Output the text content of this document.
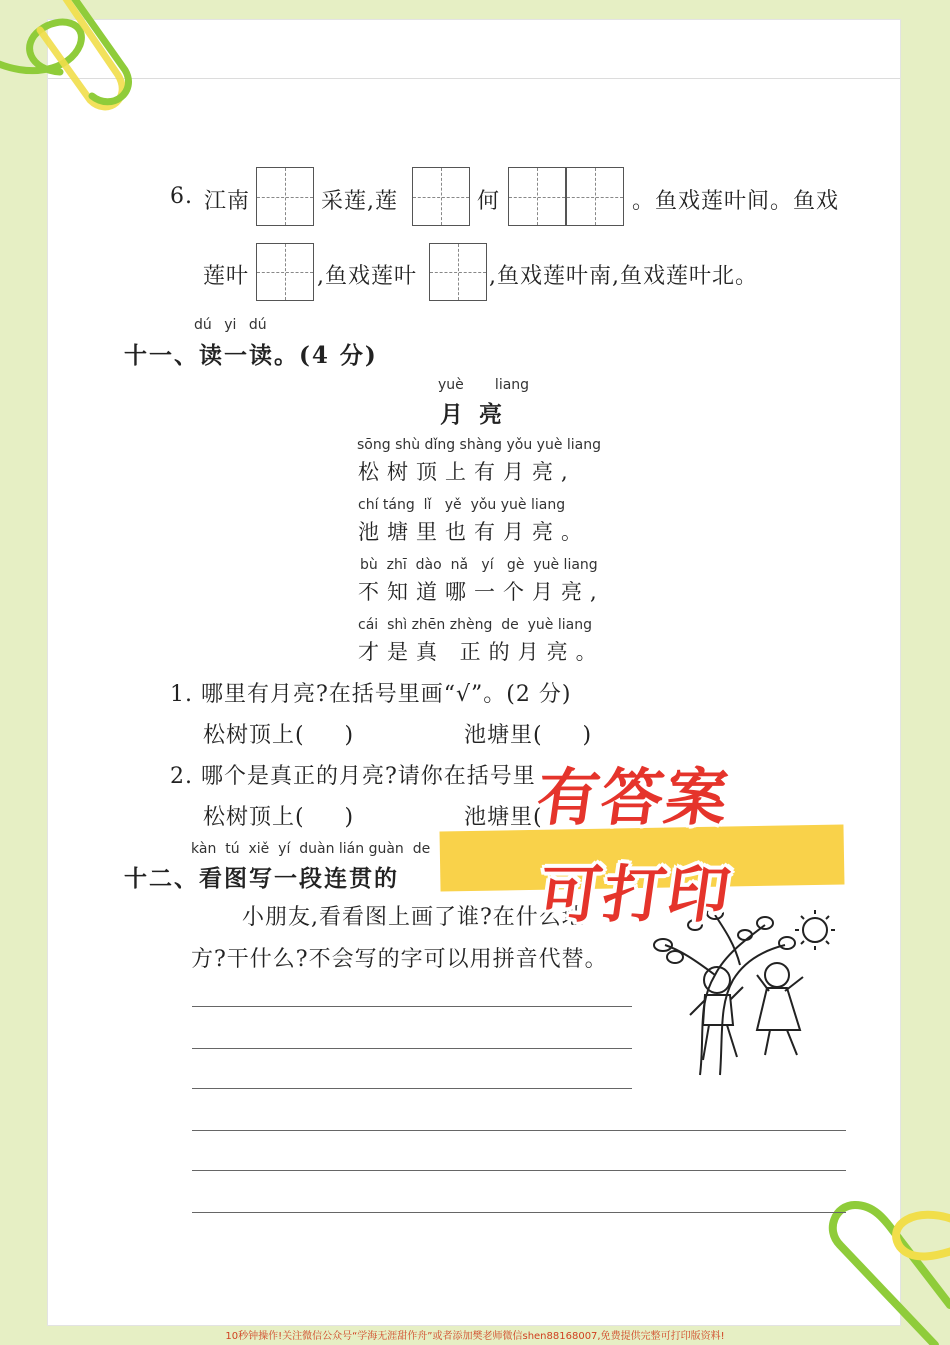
6. 江南	采莲,莲	何	。鱼戏莲叶间。鱼戏
莲叶	,鱼戏莲叶	,鱼戏莲叶南,鱼戏莲叶北。
dú yi dú
十一、读一读。(4 分)
yuè       liang
月  亮
sōng shù dǐng shàng yǒu yuè liang
松树顶上有月亮,
chí táng  lǐ   yě  yǒu yuè liang
池塘里也有月亮。
bù  zhī  dào  nǎ   yí   gè  yuè liang
不知道哪一个月亮,
cái  shì zhēn zhèng  de  yuè liang
才是真 正的月亮。
1. 哪里有月亮?在括号里画“√”。(2 分)
松树顶上(     )	池塘里(     )
2. 哪个是真正的月亮?请你在括号里
松树顶上(     )	池塘里(
kàn  tú  xiě  yí  duàn lián guàn  de
十二、看图写一段连贯的
小朋友,看看图上画了谁?在什么地
方?干什么?不会写的字可以用拼音代替。
有答案
可打印
10秒钟操作!关注微信公众号“学海无涯甜作舟”或者添加樊老师微信shen88168007,免费提供完整可打印版资料!
